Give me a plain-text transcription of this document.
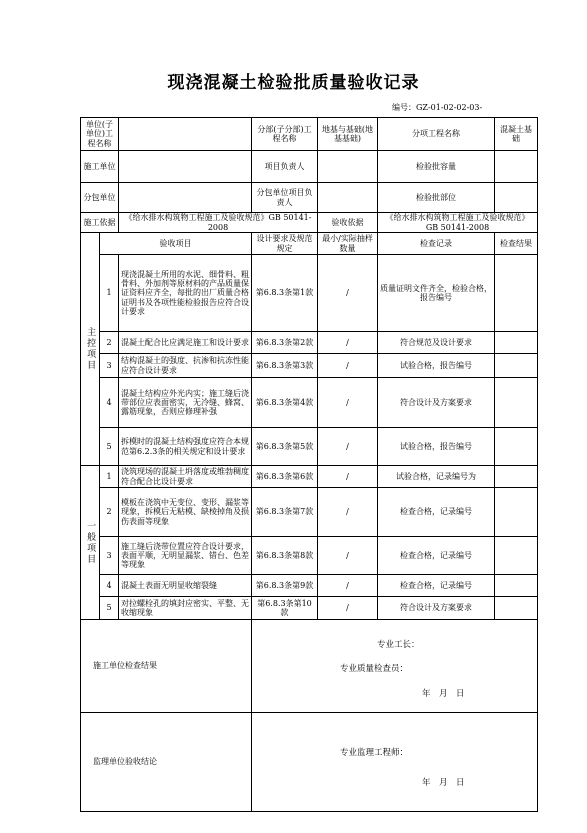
现浇混凝土检验批质量验收记录
编号：GZ-01-02-02-03-
单位(子单位)工程名称			分部(子分部)工程名称	地基与基础(地基基础)	分项工程名称	混凝土基础
施工单位			项目负责人		检验批容量	
分包单位			分包单位项目负责人		检验批部位	
施工依据		《给水排水构筑物工程施工及验收规范》GB 50141-2008		验收依据	《给水排水构筑物工程施工及验收规范》GB 50141-2008	
主控项目	验收项目		设计要求及规范规定	最小/实际抽样数量	检查记录	检查结果
	1	现浇混凝土所用的水泥、细骨料、粗骨料、外加剂等原材料的产品质量保证资料应齐全，每批的出厂质量合格证明书及各项性能检验报告应符合设计要求	第6.8.3条第1款	/	质量证明文件齐全，检验合格，报告编号	
	2	混凝土配合比应满足施工和设计要求	第6.8.3条第2款	/	符合规范及设计要求	
	3	结构混凝土的强度、抗渗和抗冻性能应符合设计要求	第6.8.3条第3款	/	试验合格，报告编号	
	4	混凝土结构应外光内实；施工缝后浇带部位应表面密实，无冷缝、蜂窝、露筋现象，否则应修理补强	第6.8.3条第4款	/	符合设计及方案要求	
	5	拆模时的混凝土结构强度应符合本规范第6.2.3条的相关规定和设计要求	第6.8.3条第5款	/	试验合格，报告编号	
一般项目	1	浇筑现场的混凝土坍落度或维勃稠度符合配合比设计要求	第6.8.3条第6款	/	试验合格，记录编号为	
	2	模板在浇筑中无变位、变形、漏浆等现象，拆模后无粘模、缺棱掉角及损伤表面等现象	第6.8.3条第7款	/	检查合格，记录编号	
	3	施工缝后浇带位置应符合设计要求，表面平顺，无明显漏浆、错台、色差等现象	第6.8.3条第8款	/	检查合格，记录编号	
	4	混凝土表面无明显收缩裂缝	第6.8.3条第9款	/	检查合格，记录编号	
	5	对拉螺栓孔的填封应密实、平整、无收缩现象	第6.8.3条第10款	/	符合设计及方案要求	
施工单位检查结果			专业工长：
专业质量检查员：
年　月　日			

监理单位验收结论			专业监理工程师：
年　月　日			
